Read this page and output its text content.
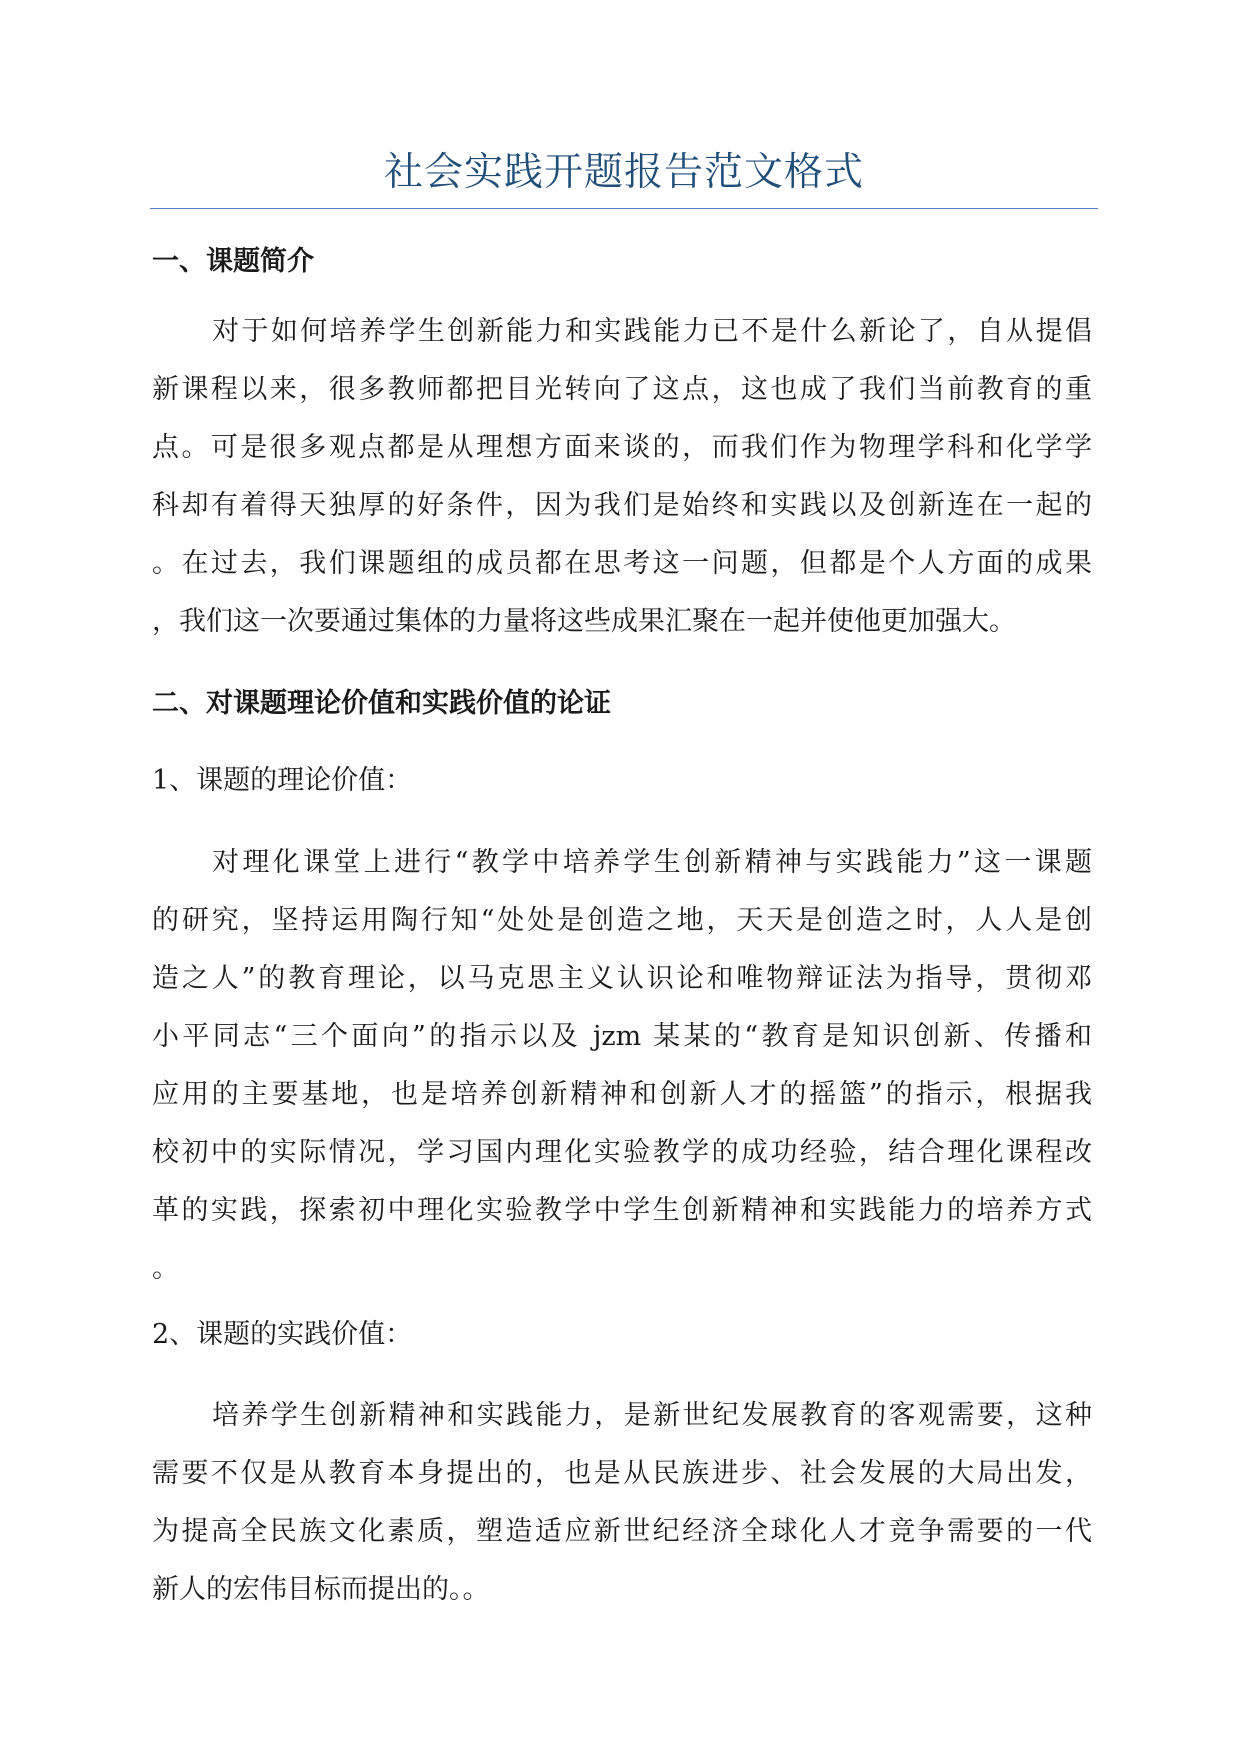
社会实践开题报告范文格式
一、课题简介
对于如何培养学生创新能力和实践能力已不是什么新论了，自从提倡
新课程以来，很多教师都把目光转向了这点，这也成了我们当前教育的重
点。可是很多观点都是从理想方面来谈的，而我们作为物理学科和化学学
科却有着得天独厚的好条件，因为我们是始终和实践以及创新连在一起的
。在过去，我们课题组的成员都在思考这一问题，但都是个人方面的成果
，我们这一次要通过集体的力量将这些成果汇聚在一起并使他更加强大。
二、对课题理论价值和实践价值的论证
1、课题的理论价值：
对理化课堂上进行“教学中培养学生创新精神与实践能力”这一课题
的研究，坚持运用陶行知“处处是创造之地，天天是创造之时，人人是创
造之人”的教育理论，以马克思主义认识论和唯物辩证法为指导，贯彻邓
小平同志“三个面向”的指示以及 jzm 某某的“教育是知识创新、传播和
应用的主要基地，也是培养创新精神和创新人才的摇篮”的指示，根据我
校初中的实际情况，学习国内理化实验教学的成功经验，结合理化课程改
革的实践，探索初中理化实验教学中学生创新精神和实践能力的培养方式
。
2、课题的实践价值：
培养学生创新精神和实践能力，是新世纪发展教育的客观需要，这种
需要不仅是从教育本身提出的，也是从民族进步、社会发展的大局出发，
为提高全民族文化素质，塑造适应新世纪经济全球化人才竞争需要的一代
新人的宏伟目标而提出的。。
